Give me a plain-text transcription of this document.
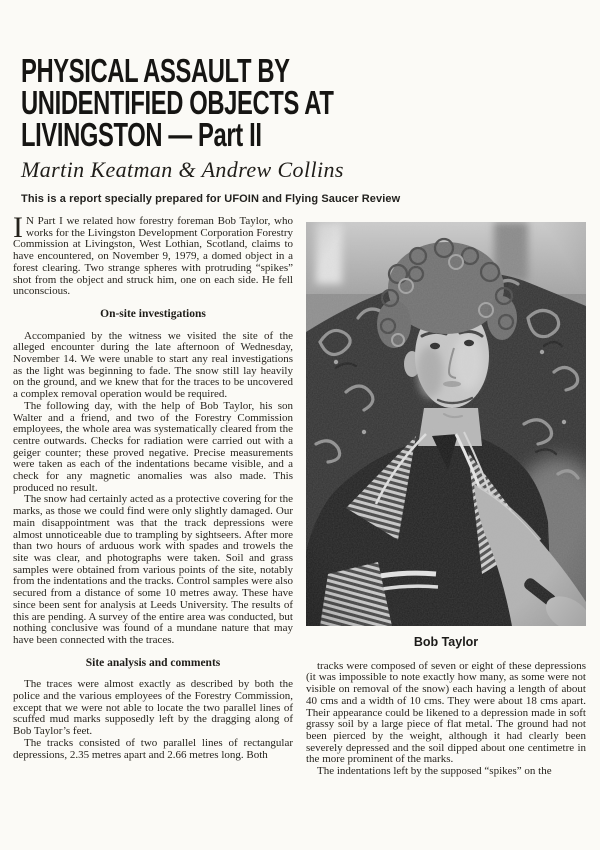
PHYSICAL ASSAULT BY
UNIDENTIFIED OBJECTS AT
LIVINGSTON — Part II
Martin Keatman & Andrew Collins
This is a report specially prepared for UFOIN and Flying Saucer Review

I N Part I we related how forestry foreman Bob Taylor, who works for the Livingston Development Corporation Forestry Commission at Livingston, West Lothian, Scotland, claims to have encountered, on November 9, 1979, a domed object in a forest clearing. Two strange spheres with protruding “spikes” shot from the object and struck him, one on each side. He fell unconscious.

On-site investigations

Accompanied by the witness we visited the site of the alleged encounter during the late afternoon of Wednesday, November 14. We were unable to start any real investigations as the light was beginning to fade. The snow still lay heavily on the ground, and we knew that for the traces to be uncovered a complex removal operation would be required.

The following day, with the help of Bob Taylor, his son Walter and a friend, and two of the Forestry Commission employees, the whole area was systematically cleared from the centre outwards. Checks for radiation were carried out with a geiger counter; these proved negative. Precise measurements were taken as each of the indentations became visible, and a check for any magnetic anomalies was also made. This produced no result.

The snow had certainly acted as a protective covering for the marks, as those we could find were only slightly damaged. Our main disappointment was that the track depressions were almost unnoticeable due to trampling by sightseers. After more than two hours of arduous work with spades and trowels the site was clear, and photographs were taken. Soil and grass samples were obtained from various points of the site, notably from the indentations and the tracks. Control samples were also secured from a distance of some 10 metres away. These have since been sent for analysis at Leeds University. The results of this are pending. A survey of the entire area was conducted, but nothing conclusive was found of a mundane nature that may have been connected with the traces.

Site analysis and comments

The traces were almost exactly as described by both the police and the various employees of the Forestry Commission, except that we were not able to locate the two parallel lines of scuffed mud marks supposedly left by the dragging along of Bob Taylor’s feet.

The tracks consisted of two parallel lines of rectangular depressions, 2.35 metres apart and 2.66 metres long. Both

Bob Taylor

tracks were composed of seven or eight of these depressions (it was impossible to note exactly how many, as some were not visible on removal of the snow) each having a length of about 40 cms and a width of 10 cms. They were about 18 cms apart. Their appearance could be likened to a depression made in soft grassy soil by a large piece of flat metal. The ground had not been pierced by the weight, although it had clearly been severely depressed and the soil dipped about one centimetre in the more prominent of the marks.

The indentations left by the supposed “spikes” on the
